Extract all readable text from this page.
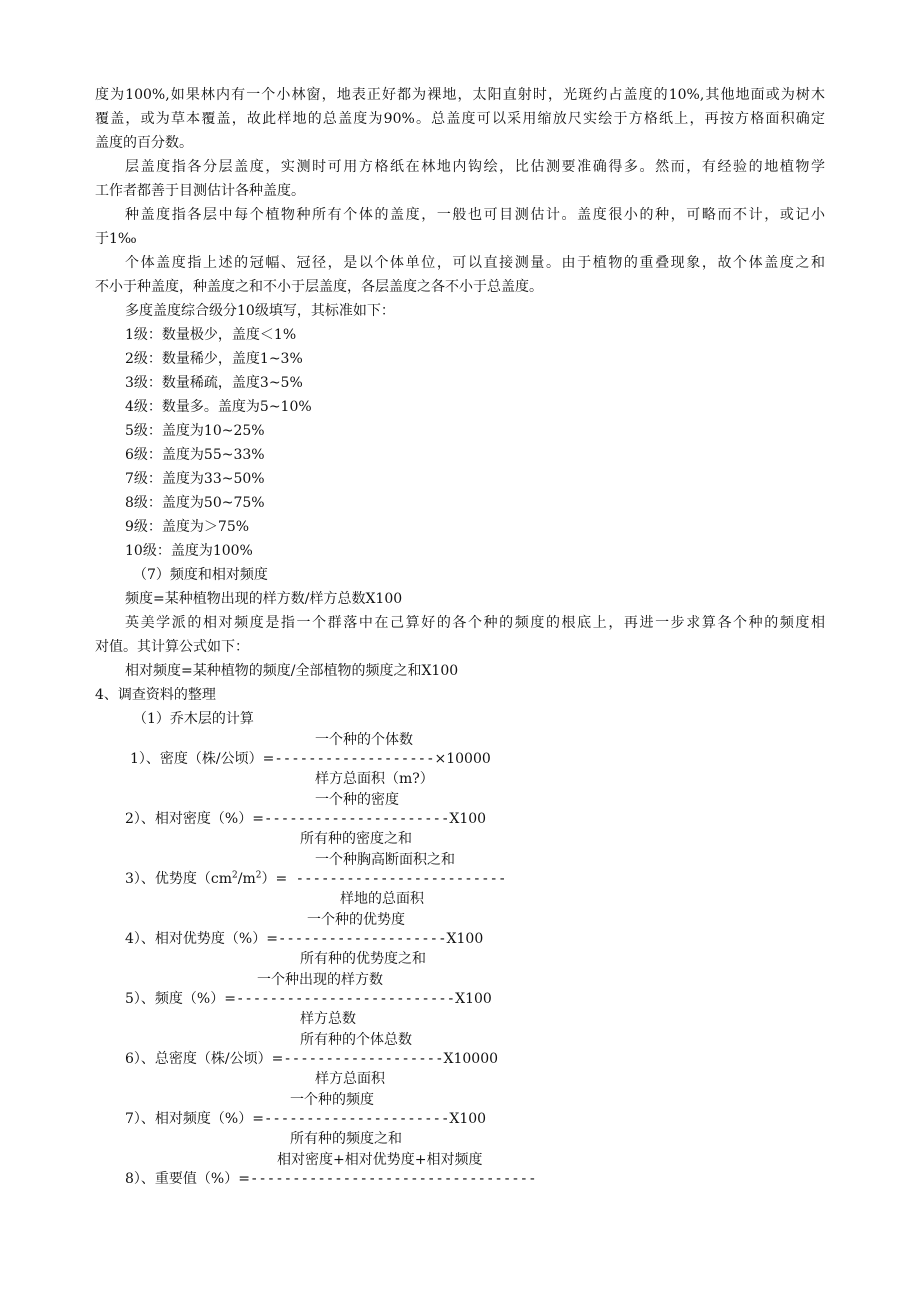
度为100%,如果林内有一个小林窗，地表正好都为裸地，太阳直射时，光斑约占盖度的10%,其他地面或为树木
覆盖，或为草本覆盖，故此样地的总盖度为90%。总盖度可以采用缩放尺实绘于方格纸上，再按方格面积确定
盖度的百分数。
层盖度指各分层盖度，实测时可用方格纸在林地内钩绘，比估测要准确得多。然而，有经验的地植物学
工作者都善于目测估计各种盖度。
种盖度指各层中每个植物种所有个体的盖度，一般也可目测估计。盖度很小的种，可略而不计，或记小
于1‰
个体盖度指上述的冠幅、冠径，是以个体单位，可以直接测量。由于植物的重叠现象，故个体盖度之和
不小于种盖度，种盖度之和不小于层盖度，各层盖度之各不小于总盖度。
多度盖度综合级分10级填写，其标准如下：
1级：数量极少，盖度＜1%
2级：数量稀少，盖度1~3%
3级：数量稀疏，盖度3~5%
4级：数量多。盖度为5~10%
5级：盖度为10~25%
6级：盖度为55~33%
7级：盖度为33~50%
8级：盖度为50~75%
9级：盖度为＞75%
10级：盖度为100%
（7）频度和相对频度
频度=某种植物出现的样方数/样方总数X100
英美学派的相对频度是指一个群落中在己算好的各个种的频度的根底上，再进一步求算各个种的频度相
对值。其计算公式如下：
相对频度=某种植物的频度/全部植物的频度之和X100
4、调查资料的整理
（1）乔木层的计算
一个种的个体数
1）、密度（株/公顷）=-------------------×10000
样方总面积（m?）
一个种的密度
2）、相对密度（%）=----------------------X100
所有种的密度之和
一个种胸高断面积之和
3）、优势度$(cm^2/m^2)=$ -------------------------
样地的总面积
一个种的优势度
4）、相对优势度（%）=--------------------X100
所有种的优势度之和
一个种出现的样方数
5）、频度（%）=--------------------------X100
样方总数
所有种的个体总数
6）、总密度（株/公顷）=-------------------X10000
样方总面积
一个种的频度
7）、相对频度（%）=----------------------X100
所有种的频度之和
相对密度+相对优势度+相对频度
8）、重要值（%）=----------------------------------
